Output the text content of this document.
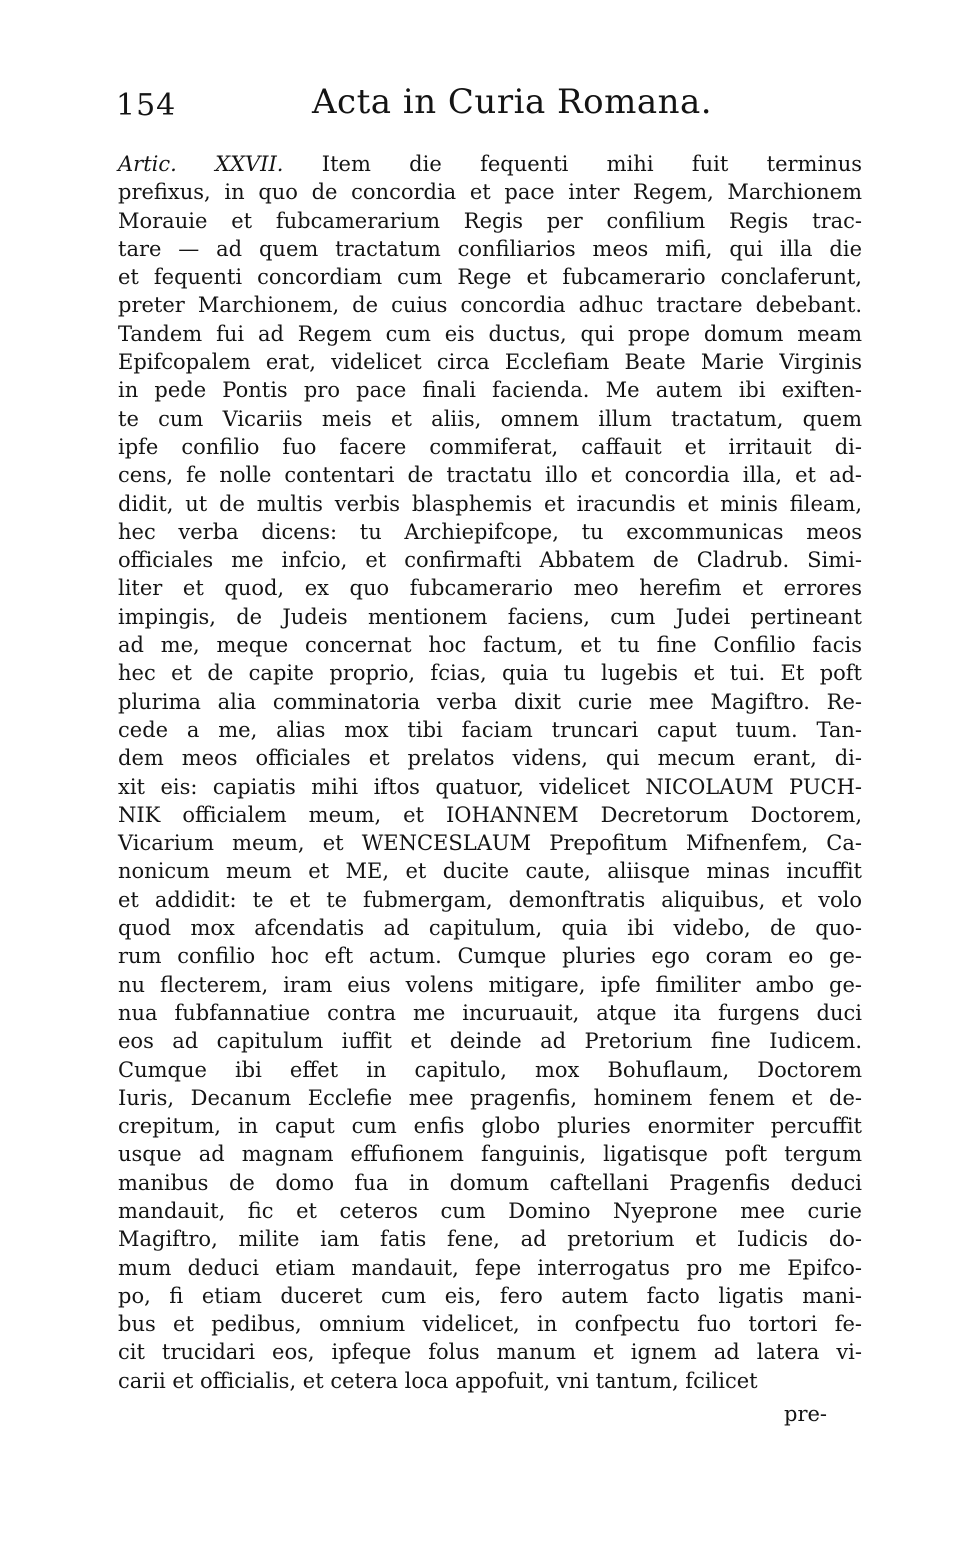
154	Acta in Curia Romana.
Artic. XXVII. Item die fequenti mihi fuit terminus
prefixus, in quo de concordia et pace inter Regem, Marchionem
Morauie et fubcamerarium Regis per confilium Regis trac-
tare — ad quem tractatum confiliarios meos mifi, qui illa die
et fequenti concordiam cum Rege et fubcamerario conclaferunt,
preter Marchionem, de cuius concordia adhuc tractare debebant.
Tandem fui ad Regem cum eis ductus, qui prope domum meam
Epifcopalem erat, videlicet circa Ecclefiam Beate Marie Virginis
in pede Pontis pro pace finali facienda. Me autem ibi exiften-
te cum Vicariis meis et aliis, omnem illum tractatum, quem
ipfe confilio fuo facere commiferat, caffauit et irritauit di-
cens, fe nolle contentari de tractatu illo et concordia illa, et ad-
didit, ut de multis verbis blasphemis et iracundis et minis fileam,
hec verba dicens: tu Archiepifcope, tu excommunicas meos
officiales me infcio, et confirmafti Abbatem de Cladrub. Simi-
liter et quod, ex quo fubcamerario meo herefim et errores
impingis, de Judeis mentionem faciens, cum Judei pertineant
ad me, meque concernat hoc factum, et tu fine Confilio facis
hec et de capite proprio, fcias, quia tu lugebis et tui. Et poft
plurima alia comminatoria verba dixit curie mee Magiftro. Re-
cede a me, alias mox tibi faciam truncari caput tuum. Tan-
dem meos officiales et prelatos videns, qui mecum erant, di-
xit eis: capiatis mihi iftos quatuor, videlicet NICOLAUM PUCH-
NIK officialem meum, et IOHANNEM Decretorum Doctorem,
Vicarium meum, et WENCESLAUM Prepofitum Mifnenfem, Ca-
nonicum meum et ME, et ducite caute, aliisque minas incuffit
et addidit: te et te fubmergam, demonftratis aliquibus, et volo
quod mox afcendatis ad capitulum, quia ibi videbo, de quo-
rum confilio hoc eft actum. Cumque pluries ego coram eo ge-
nu flecterem, iram eius volens mitigare, ipfe fimiliter ambo ge-
nua fubfannatiue contra me incuruauit, atque ita furgens duci
eos ad capitulum iuffit et deinde ad Pretorium fine Iudicem.
Cumque ibi effet in capitulo, mox Bohuflaum, Doctorem
Iuris, Decanum Ecclefie mee pragenfis, hominem fenem et de-
crepitum, in caput cum enfis globo pluries enormiter percuffit
usque ad magnam effufionem fanguinis, ligatisque poft tergum
manibus de domo fua in domum caftellani Pragenfis deduci
mandauit, fic et ceteros cum Domino Nyeprone mee curie
Magiftro, milite iam fatis fene, ad pretorium et Iudicis do-
mum deduci etiam mandauit, fepe interrogatus pro me Epifco-
po, fi etiam duceret cum eis, fero autem facto ligatis mani-
bus et pedibus, omnium videlicet, in confpectu fuo tortori fe-
cit trucidari eos, ipfeque folus manum et ignem ad latera vi-
carii et officialis, et cetera loca appofuit, vni tantum, fcilicet
pre-
